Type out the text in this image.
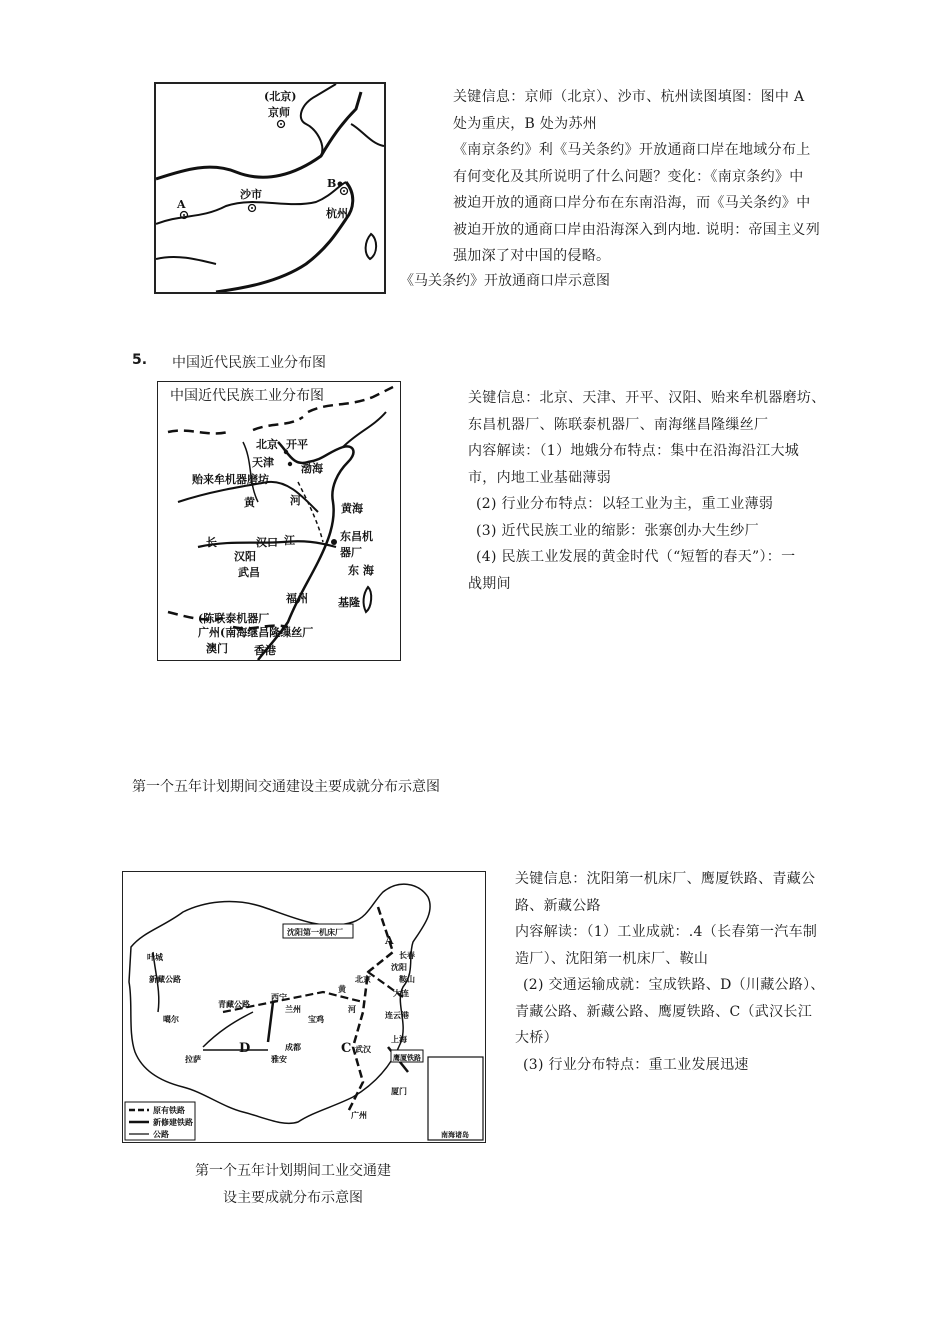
(北京)
京师
沙市
B
杭州
A
关键信息：京师（北京）、沙市、杭州读图填图：图中 A
处为重庆，B 处为苏州
《南京条约》利《马关条约》开放通商口岸在地域分布上
有何变化及其所说明了什么问题？变化：《南京条约》中
被迫开放的通商口岸分布在东南沿海，而《马关条约》中
被迫开放的通商口岸由沿海深入到内地. 说明：帝国主义列
强加深了对中国的侵略。
《马关条约》开放通商口岸示意图
5. 中国近代民族工业分布图
中国近代民族工业分布图
北京 开平
天津 渤海
贻来牟机器磨坊
黄	河
黄海
东昌机
器厂
长	汉口 江
汉阳
武昌	东 海
福州	基隆
(陈联泰机器厂
广州(南海继昌隆缫丝厂
澳门 香港
关键信息：北京、天津、开平、汉阳、贻来牟机器磨坊、
东昌机器厂、陈联泰机器厂、南海继昌隆缫丝厂
内容解读：（1）地娥分布特点：集中在沿海沿江大城
市，内地工业基础薄弱
(2) 行业分布特点：以轻工业为主，重工业薄弱
(3) 近代民族工业的缩影：张寨创办大生纱厂
(4) 民族工业发展的黄金时代（“短暂的春天”）：一
战期间
第一个五年计划期间交通建设主要成就分布示意图
南海诸岛
沈阳第一机床厂
鹰厦铁路
A
长春
沈阳
鞍山
北京
大连
叶城
新藏公路
噶尔
青藏公路
西宁
兰州
宝鸡
黄
河
连云港
D
拉萨	雅安
成都	C 武汉
上海
厦门
广州
原有铁路
新修建铁路
公路
关键信息：沈阳第一机床厂、鹰厦铁路、青藏公
路、新藏公路
内容解读：（1）工业成就：.4（长春第一汽车制
造厂）、沈阳第一机床厂、鞍山
(2) 交通运输成就：宝成铁路、D（川藏公路）、
青藏公路、新藏公路、鹰厦铁路、C（武汉长江
大桥）
(3) 行业分布特点：重工业发展迅速
第一个五年计划期间工业交通建
设主要成就分布示意图
